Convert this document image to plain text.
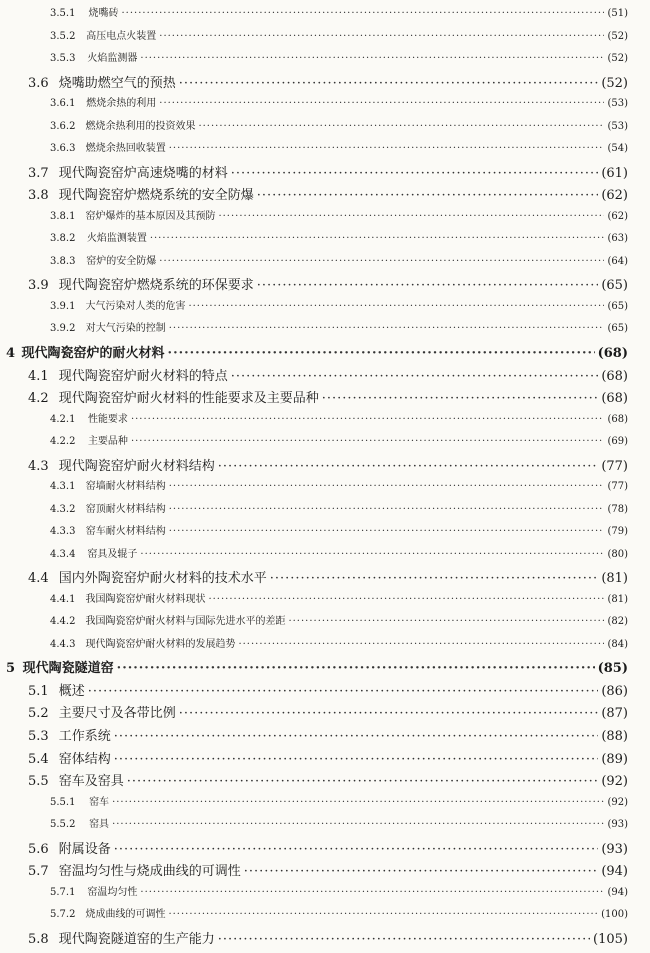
3.5.1	烧嘴砖 ·····	(51)
3.5.2	高压电点火装置 ·····	(52)
3.5.3	火焰监测器 ·····	(52)
3.6 烧嘴助燃空气的预热 ·····	(52)
3.6.1	燃烧余热的利用 ·····	(53)
3.6.2	燃烧余热利用的投资效果 ·····	(53)
3.6.3	燃烧余热回收装置 ·····	(54)
3.7 现代陶瓷窑炉高速烧嘴的材料 ·····	(61)
3.8 现代陶瓷窑炉燃烧系统的安全防爆 ·····	(62)
3.8.1	窑炉爆炸的基本原因及其预防 ·····	(62)
3.8.2	火焰监测装置 ·····	(63)
3.8.3	窑炉的安全防爆 ·····	(64)
3.9 现代陶瓷窑炉燃烧系统的环保要求 ·····	(65)
3.9.1	大气污染对人类的危害 ·····	(65)
3.9.2	对大气污染的控制 ·····	(65)
4 现代陶瓷窑炉的耐火材料 ·····	(68)
4.1 现代陶瓷窑炉耐火材料的特点 ·····	(68)
4.2 现代陶瓷窑炉耐火材料的性能要求及主要品种 ·····	(68)
4.2.1	性能要求 ·····	(68)
4.2.2	主要品种 ·····	(69)
4.3 现代陶瓷窑炉耐火材料结构 ·····	(77)
4.3.1	窑墙耐火材料结构 ·····	(77)
4.3.2	窑顶耐火材料结构 ·····	(78)
4.3.3	窑车耐火材料结构 ·····	(79)
4.3.4	窑具及辊子 ·····	(80)
4.4 国内外陶瓷窑炉耐火材料的技术水平 ·····	(81)
4.4.1	我国陶瓷窑炉耐火材料现状 ·····	(81)
4.4.2	我国陶瓷窑炉耐火材料与国际先进水平的差距 ·····	(82)
4.4.3	现代陶瓷窑炉耐火材料的发展趋势 ·····	(84)
5 现代陶瓷隧道窑 ·····	(85)
5.1 概述 ·····	(86)
5.2 主要尺寸及各带比例 ·····	(87)
5.3 工作系统 ·····	(88)
5.4 窑体结构 ·····	(89)
5.5 窑车及窑具 ·····	(92)
5.5.1	窑车 ·····	(92)
5.5.2	窑具 ·····	(93)
5.6 附属设备 ·····	(93)
5.7 窑温均匀性与烧成曲线的可调性 ·····	(94)
5.7.1	窑温均匀性 ·····	(94)
5.7.2	烧成曲线的可调性 ·····	(100)
5.8 现代陶瓷隧道窑的生产能力 ·····	(105)
